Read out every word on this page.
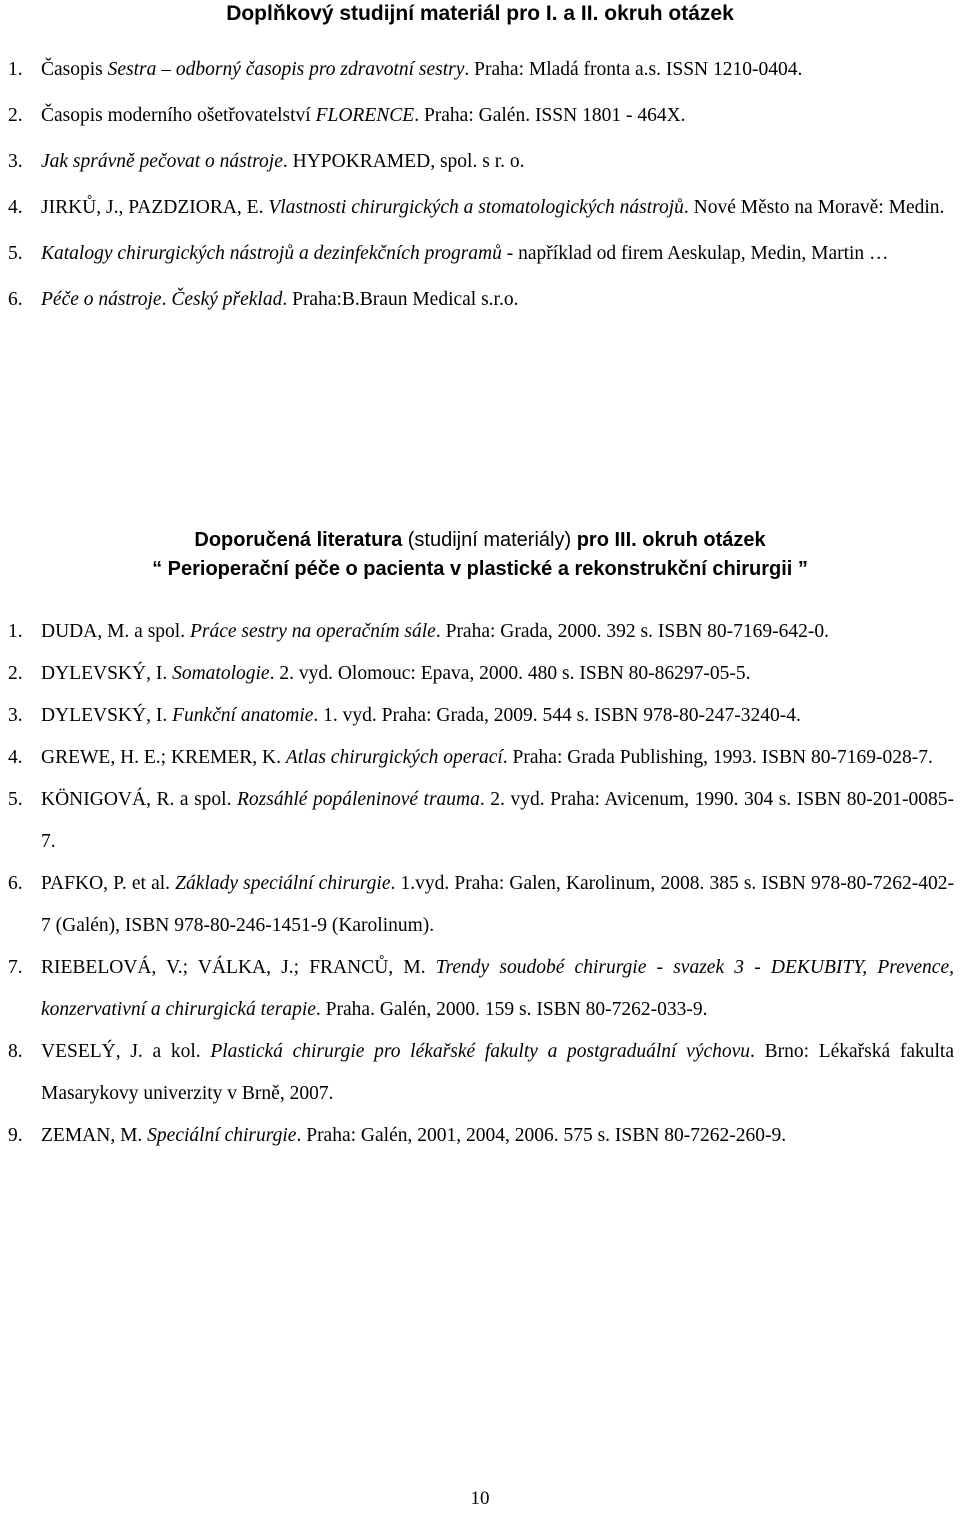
Doplňkový studijní materiál pro I. a II. okruh otázek
1. Časopis Sestra – odborný časopis pro zdravotní sestry. Praha: Mladá fronta a.s. ISSN 1210-0404.
2. Časopis moderního ošetřovatelství FLORENCE. Praha: Galén. ISSN 1801 - 464X.
3. Jak správně pečovat o nástroje. HYPOKRAMED, spol. s r. o.
4. JIRKŮ, J., PAZDZIORA, E. Vlastnosti chirurgických a stomatologických nástrojů. Nové Město na Moravě: Medin.
5. Katalogy chirurgických nástrojů a dezinfekčních programů - například od firem Aeskulap, Medin, Martin …
6. Péče o nástroje. Český překlad. Praha:B.Braun Medical s.r.o.
Doporučená literatura (studijní materiály) pro III. okruh otázek
“ Perioperační péče o pacienta v plastické a rekonstrukční chirurgii ”
1. DUDA, M. a spol. Práce sestry na operačním sále. Praha: Grada, 2000. 392 s. ISBN 80-7169-642-0.
2. DYLEVSKÝ, I. Somatologie. 2. vyd. Olomouc: Epava, 2000. 480 s. ISBN 80-86297-05-5.
3. DYLEVSKÝ, I. Funkční anatomie. 1. vyd. Praha: Grada, 2009. 544 s. ISBN 978-80-247-3240-4.
4. GREWE, H. E.; KREMER, K. Atlas chirurgických operací. Praha: Grada Publishing, 1993. ISBN 80-7169-028-7.
5. KÖNIGOVÁ, R. a spol. Rozsáhlé popáleninové trauma. 2. vyd. Praha: Avicenum, 1990. 304 s. ISBN 80-201-0085-7.
6. PAFKO, P. et al. Základy speciální chirurgie. 1.vyd. Praha: Galen, Karolinum, 2008. 385 s. ISBN 978-80-7262-402-7 (Galén), ISBN 978-80-246-1451-9 (Karolinum).
7. RIEBELOVÁ, V.; VÁLKA, J.; FRANCŮ, M. Trendy soudobé chirurgie - svazek 3 - DEKUBITY, Prevence, konzervativní a chirurgická terapie. Praha. Galén, 2000. 159 s. ISBN 80-7262-033-9.
8. VESELÝ, J. a kol. Plastická chirurgie pro lékařské fakulty a postgraduální výchovu. Brno: Lékařská fakulta Masarykovy univerzity v Brně, 2007.
9. ZEMAN, M. Speciální chirurgie. Praha: Galén, 2001, 2004, 2006. 575 s. ISBN 80-7262-260-9.
10
